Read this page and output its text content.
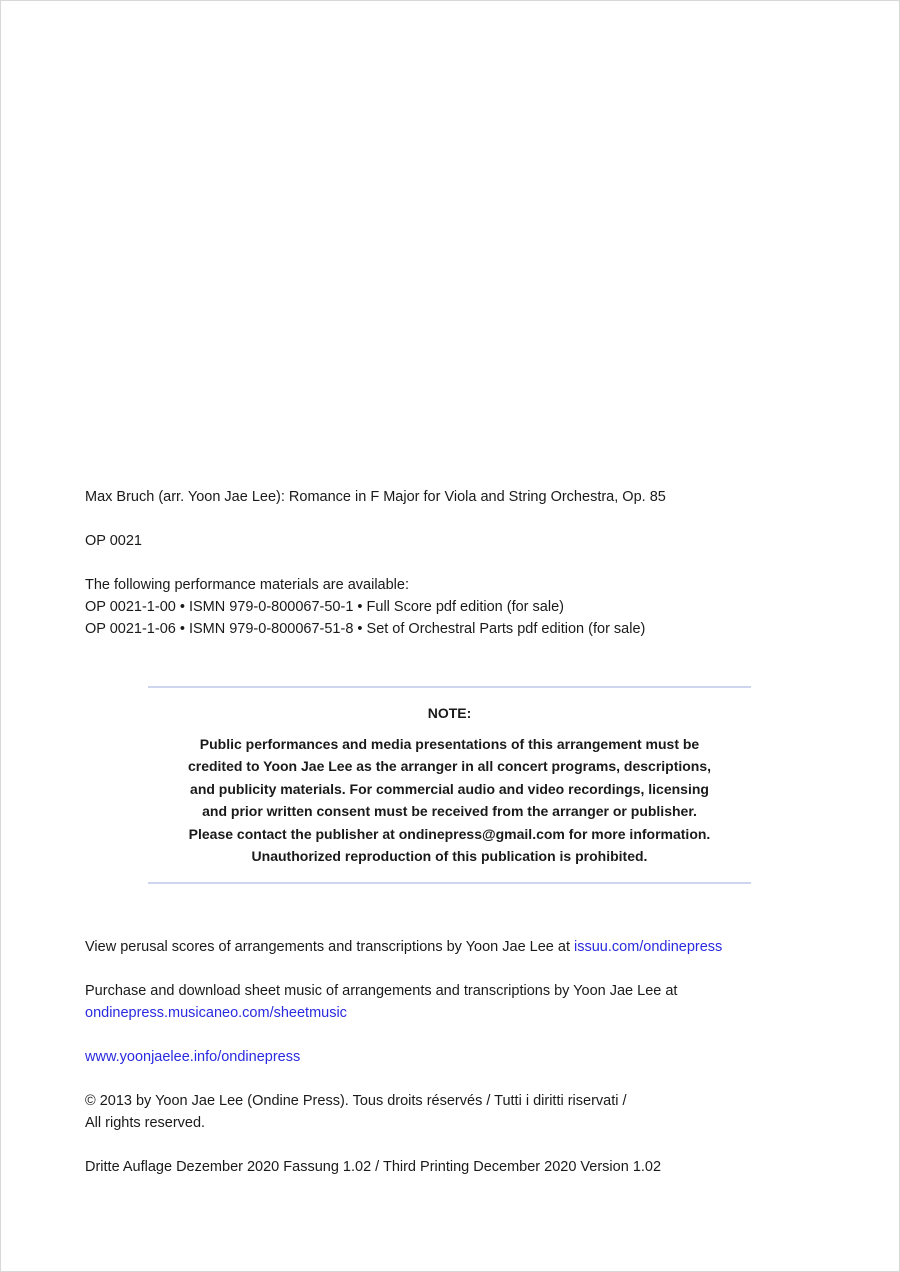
Max Bruch (arr. Yoon Jae Lee): Romance in F Major for Viola and String Orchestra, Op. 85
OP 0021
The following performance materials are available:
OP 0021-1-00 • ISMN 979-0-800067-50-1 • Full Score pdf edition (for sale)
OP 0021-1-06 • ISMN 979-0-800067-51-8 • Set of Orchestral Parts pdf edition (for sale)
NOTE:
Public performances and media presentations of this arrangement must be
credited to Yoon Jae Lee as the arranger in all concert programs, descriptions,
and publicity materials. For commercial audio and video recordings, licensing
and prior written consent must be received from the arranger or publisher.
Please contact the publisher at ondinepress@gmail.com for more information.
Unauthorized reproduction of this publication is prohibited.
View perusal scores of arrangements and transcriptions by Yoon Jae Lee at issuu.com/ondinepress
Purchase and download sheet music of arrangements and transcriptions by Yoon Jae Lee at
ondinepress.musicaneo.com/sheetmusic
www.yoonjaelee.info/ondinepress
© 2013 by Yoon Jae Lee (Ondine Press). Tous droits réservés / Tutti i diritti riservati /
All rights reserved.
Dritte Auflage Dezember 2020 Fassung 1.02 / Third Printing December 2020 Version 1.02
